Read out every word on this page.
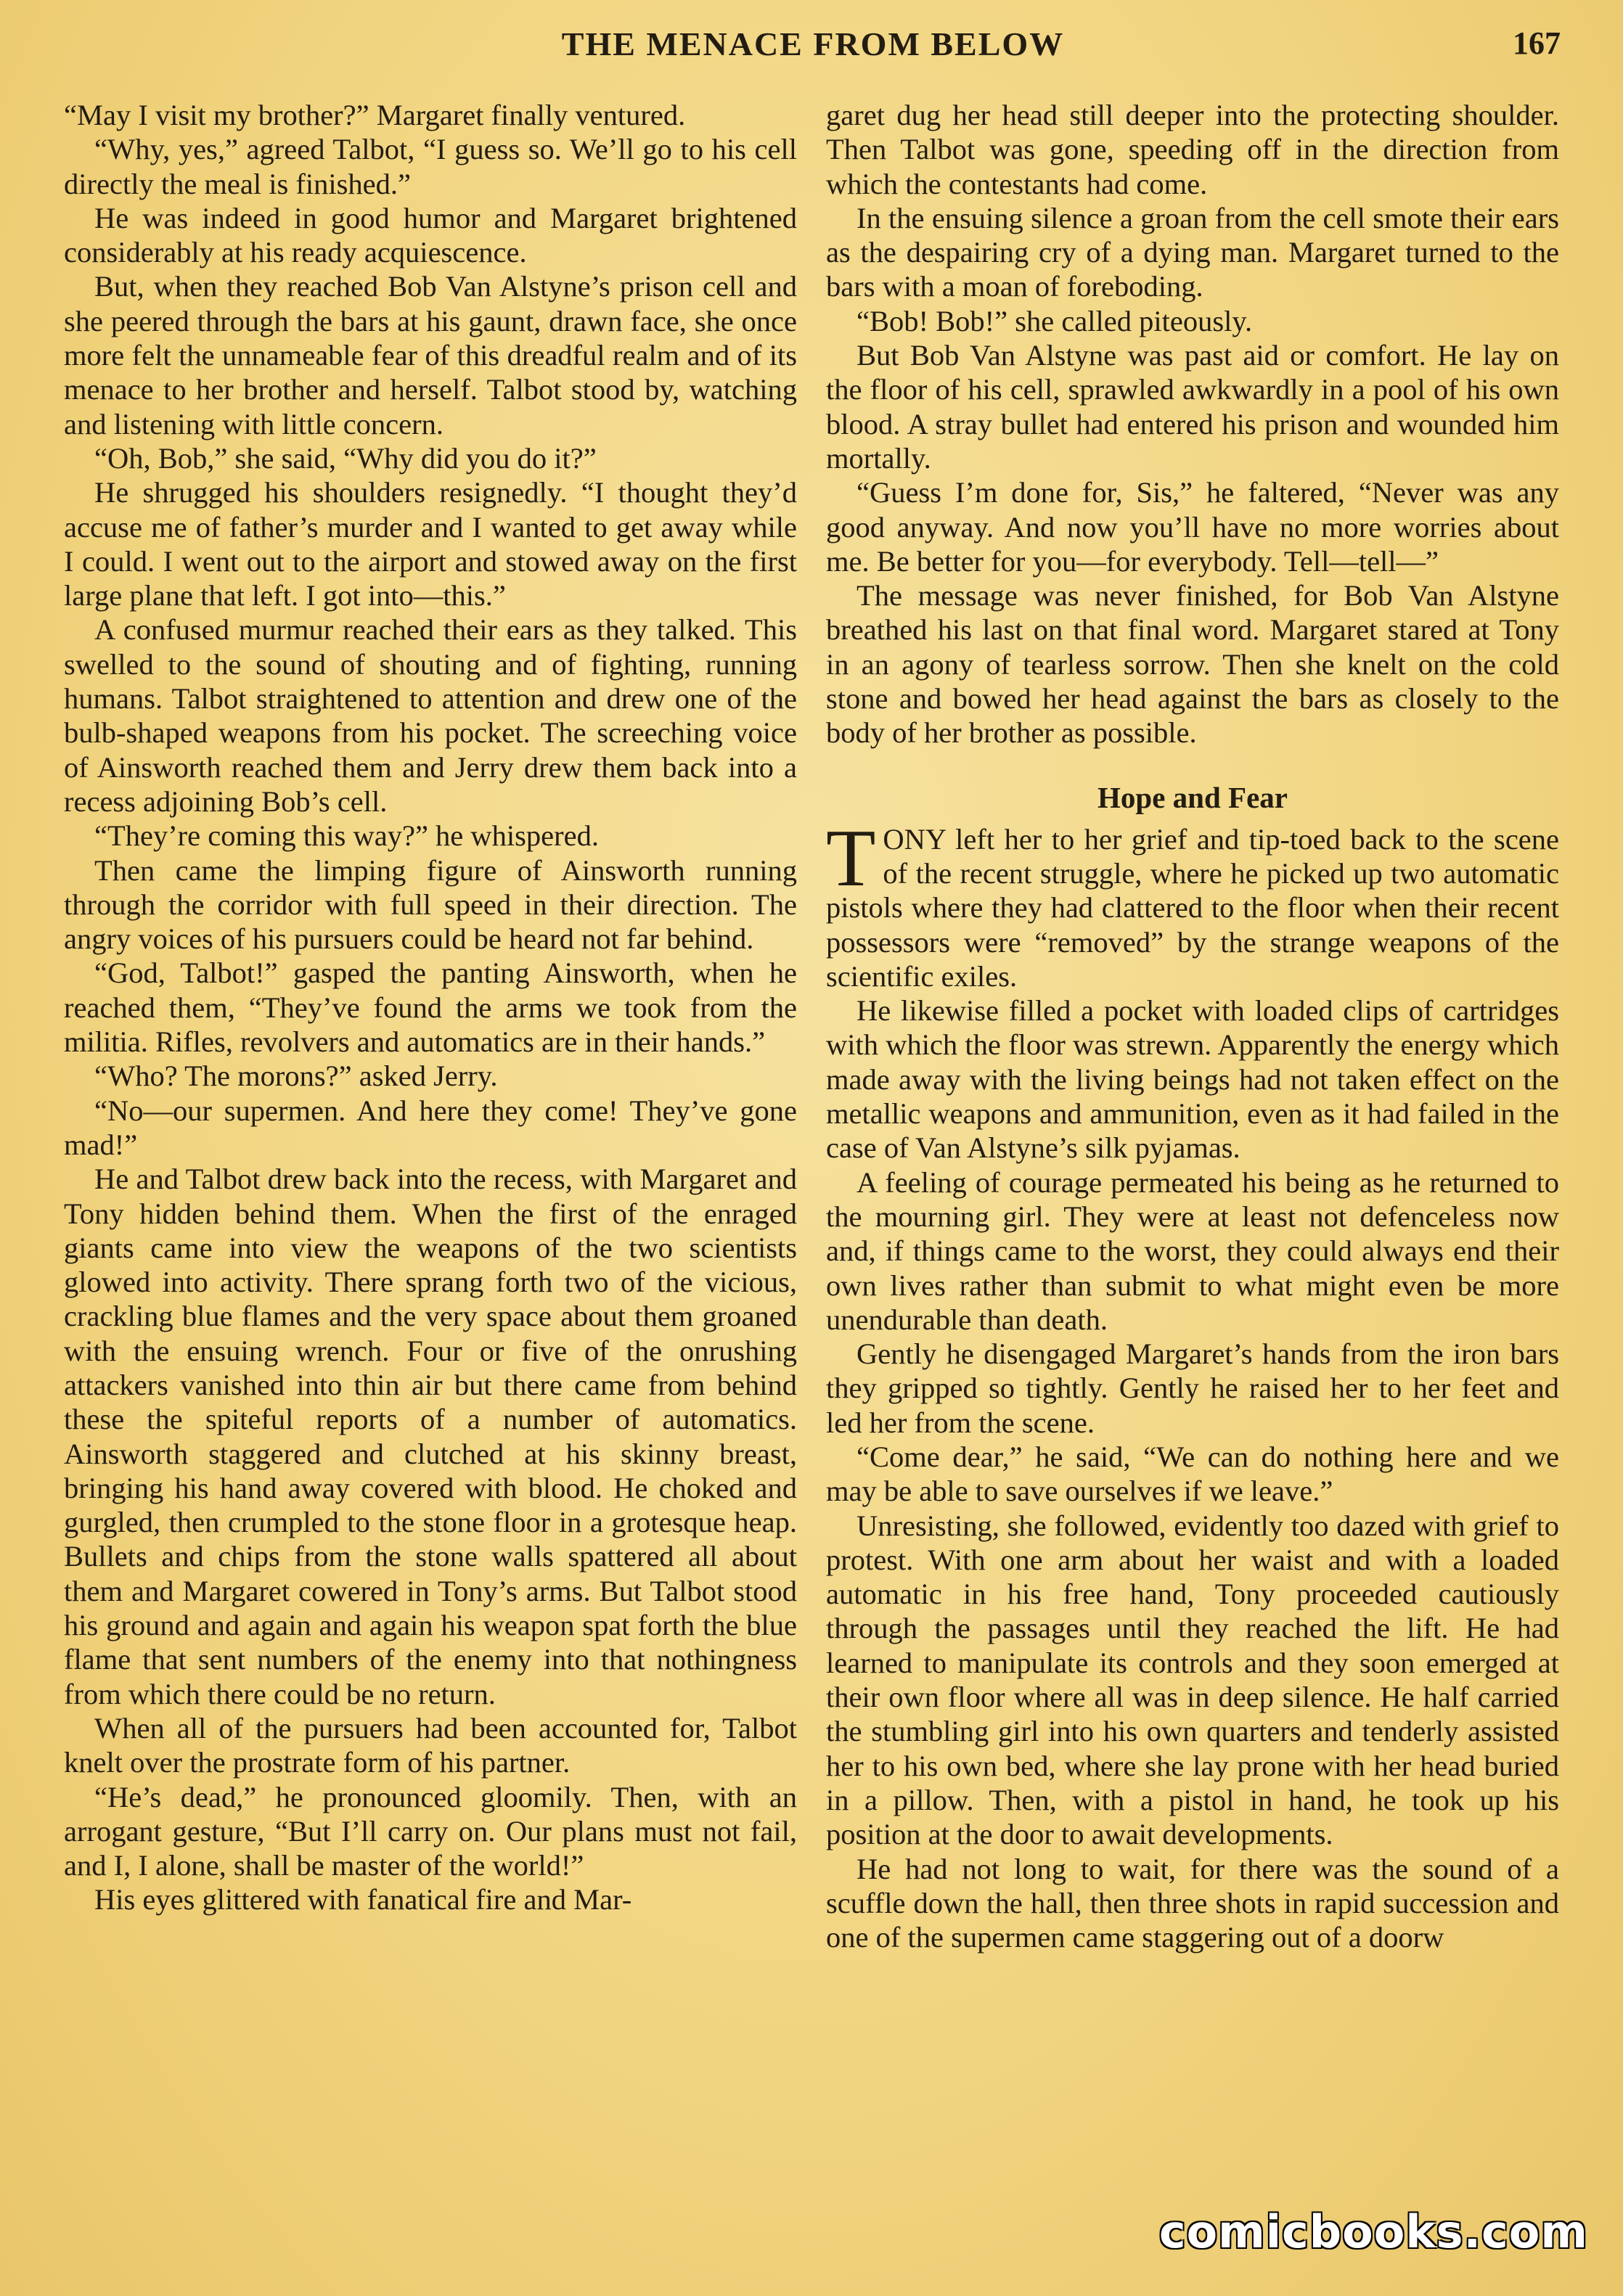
THE MENACE FROM BELOW	167

“May I visit my brother?” Margaret finally ventured.

“Why, yes,” agreed Talbot, “I guess so. We’ll go to his cell directly the meal is finished.”

He was indeed in good humor and Margaret brightened considerably at his ready acquiescence.

But, when they reached Bob Van Alstyne’s prison cell and she peered through the bars at his gaunt, drawn face, she once more felt the unnameable fear of this dreadful realm and of its menace to her brother and herself. Talbot stood by, watching and listening with little concern.

“Oh, Bob,” she said, “Why did you do it?”

He shrugged his shoulders resignedly. “I thought they’d accuse me of father’s murder and I wanted to get away while I could. I went out to the airport and stowed away on the first large plane that left. I got into—this.”

A confused murmur reached their ears as they talked. This swelled to the sound of shouting and of fighting, running humans. Talbot straightened to attention and drew one of the bulb-shaped weapons from his pocket. The screeching voice of Ainsworth reached them and Jerry drew them back into a recess adjoining Bob’s cell.

“They’re coming this way?” he whispered.

Then came the limping figure of Ainsworth running through the corridor with full speed in their direction. The angry voices of his pursuers could be heard not far behind.

“God, Talbot!” gasped the panting Ainsworth, when he reached them, “They’ve found the arms we took from the militia. Rifles, revolvers and automatics are in their hands.”

“Who? The morons?” asked Jerry.

“No—our supermen. And here they come! They’ve gone mad!”

He and Talbot drew back into the recess, with Margaret and Tony hidden behind them. When the first of the enraged giants came into view the weapons of the two scientists glowed into activity. There sprang forth two of the vicious, crackling blue flames and the very space about them groaned with the ensuing wrench. Four or five of the onrushing attackers vanished into thin air but there came from behind these the spiteful reports of a number of automatics. Ainsworth staggered and clutched at his skinny breast, bringing his hand away covered with blood. He choked and gurgled, then crumpled to the stone floor in a grotesque heap. Bullets and chips from the stone walls spattered all about them and Margaret cowered in Tony’s arms. But Talbot stood his ground and again and again his weapon spat forth the blue flame that sent numbers of the enemy into that nothingness from which there could be no return.

When all of the pursuers had been accounted for, Talbot knelt over the prostrate form of his partner.

“He’s dead,” he pronounced gloomily. Then, with an arrogant gesture, “But I’ll carry on. Our plans must not fail, and I, I alone, shall be master of the world!”

His eyes glittered with fanatical fire and Mar-

garet dug her head still deeper into the protecting shoulder. Then Talbot was gone, speeding off in the direction from which the contestants had come.

In the ensuing silence a groan from the cell smote their ears as the despairing cry of a dying man. Margaret turned to the bars with a moan of foreboding.

“Bob! Bob!” she called piteously.

But Bob Van Alstyne was past aid or comfort. He lay on the floor of his cell, sprawled awkwardly in a pool of his own blood. A stray bullet had entered his prison and wounded him mortally.

“Guess I’m done for, Sis,” he faltered, “Never was any good anyway. And now you’ll have no more worries about me. Be better for you—for everybody. Tell—tell—”

The message was never finished, for Bob Van Alstyne breathed his last on that final word. Margaret stared at Tony in an agony of tearless sorrow. Then she knelt on the cold stone and bowed her head against the bars as closely to the body of her brother as possible.

Hope and Fear

TONY left her to her grief and tip-toed back to the scene of the recent struggle, where he picked up two automatic pistols where they had clattered to the floor when their recent possessors were “removed” by the strange weapons of the scientific exiles.

He likewise filled a pocket with loaded clips of cartridges with which the floor was strewn. Apparently the energy which made away with the living beings had not taken effect on the metallic weapons and ammunition, even as it had failed in the case of Van Alstyne’s silk pyjamas.

A feeling of courage permeated his being as he returned to the mourning girl. They were at least not defenceless now and, if things came to the worst, they could always end their own lives rather than submit to what might even be more unendurable than death.

Gently he disengaged Margaret’s hands from the iron bars they gripped so tightly. Gently he raised her to her feet and led her from the scene.

“Come dear,” he said, “We can do nothing here and we may be able to save ourselves if we leave.”

Unresisting, she followed, evidently too dazed with grief to protest. With one arm about her waist and with a loaded automatic in his free hand, Tony proceeded cautiously through the passages until they reached the lift. He had learned to manipulate its controls and they soon emerged at their own floor where all was in deep silence. He half carried the stumbling girl into his own quarters and tenderly assisted her to his own bed, where she lay prone with her head buried in a pillow. Then, with a pistol in hand, he took up his position at the door to await developments.

He had not long to wait, for there was the sound of a scuffle down the hall, then three shots in rapid succession and one of the supermen came staggering out of a doorw

comicbooks.com
